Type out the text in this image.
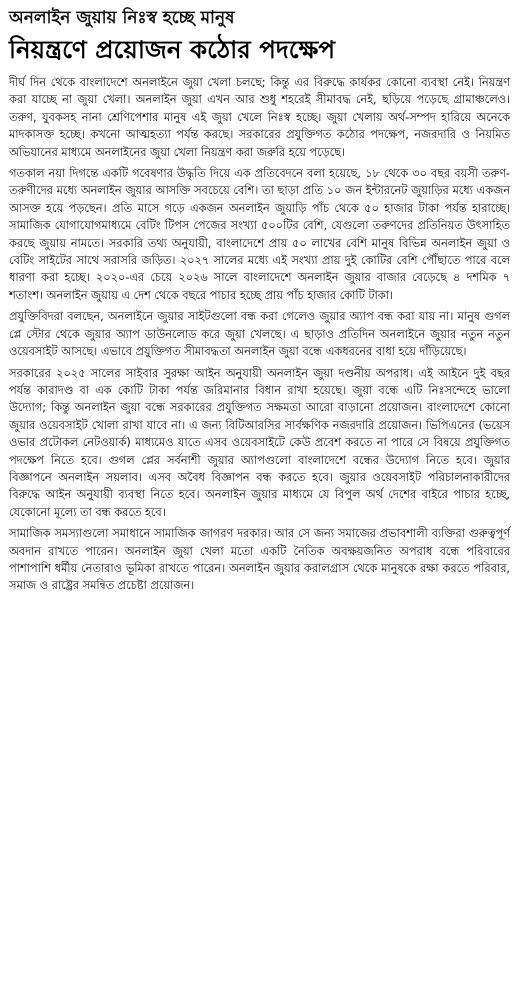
অনলাইন জুয়ায় নিঃস্ব হচ্ছে মানুষ
নিয়ন্ত্রণে প্রয়োজন কঠোর পদক্ষেপ

দীর্ঘ দিন থেকে বাংলাদেশে অনলাইনে জুয়া খেলা চলছে; কিন্তু এর বিরুদ্ধে কার্যকর কোনো ব্যবস্থা নেই। নিয়ন্ত্রণ করা যাচ্ছে না জুয়া খেলা। অনলাইন জুয়া এখন আর শুধু শহরেই সীমাবদ্ধ নেই, ছড়িয়ে পড়েছে গ্রামাঞ্চলেও। তরুণ, যুবকসহ নানা শ্রেণিপেশার মানুষ এই জুয়া খেলে নিঃস্ব হচ্ছে। জুয়া খেলায় অর্থ-সম্পদ হারিয়ে অনেকে মাদকাসক্ত হচ্ছে। কখনো আত্মহত্যা পর্যন্ত করছে। সরকারের প্রযুক্তিগত কঠোর পদক্ষেপ, নজরদারি ও নিয়মিত অভিযানের মাধ্যমে অনলাইনের জুয়া খেলা নিয়ন্ত্রণ করা জরুরি হয়ে পড়েছে।

গতকাল নয়া দিগন্তে একটি গবেষণার উদ্ধৃতি দিয়ে এক প্রতিবেদনে বলা হয়েছে, ১৮ থেকে ৩০ বছর বয়সী তরুণ-তরুণীদের মধ্যে অনলাইন জুয়ার আসক্তি সবচেয়ে বেশি। তা ছাড়া প্রতি ১০ জন ইন্টারনেট জুয়াড়ির মধ্যে একজন আসক্ত হয়ে পড়ছেন। প্রতি মাসে গড়ে একজন অনলাইন জুয়াড়ি পাঁচ থেকে ৫০ হাজার টাকা পর্যন্ত হারাচ্ছে। সামাজিক যোগাযোগমাধ্যমে বেটিং টিপস পেজের সংখ্যা ৫০০টির বেশি, যেগুলো তরুণদের প্রতিনিয়ত উৎসাহিত করছে জুয়ায় নামতে। সরকারি তথ্য অনুযায়ী, বাংলাদেশে প্রায় ৫০ লাখের বেশি মানুষ বিভিন্ন অনলাইন জুয়া ও বেটিং সাইটের সাথে সরাসরি জড়িত। ২০২৭ সালের মধ্যে এই সংখ্যা প্রায় দুই কোটির বেশি পৌঁছাতে পারে বলে ধারণা করা হচ্ছে। ২০২০-এর চেয়ে ২০২৬ সালে বাংলাদেশে অনলাইন জুয়ার বাজার বেড়েছে ৪ দশমিক ৭ শতাংশ। অনলাইন জুয়ায় এ দেশ থেকে বছরে পাচার হচ্ছে প্রায় পাঁচ হাজার কোটি টাকা।

প্রযুক্তিবিদরা বলছেন, অনলাইনে জুয়ার সাইটগুলো বন্ধ করা গেলেও জুয়ার অ্যাপ বন্ধ করা যায় না। মানুষ গুগল প্লে স্টোর থেকে জুয়ার অ্যাপ ডাউনলোড করে জুয়া খেলছে। এ ছাড়াও প্রতিদিন অনলাইনে জুয়ার নতুন নতুন ওয়েবসাইট আসছে। এভাবে প্রযুক্তিগত সীমাবদ্ধতা অনলাইন জুয়া বন্ধে একধরনের বাধা হয়ে দাঁড়িয়েছে।

সরকারের ২০২৫ সালের সাইবার সুরক্ষা আইন অনুযায়ী অনলাইন জুয়া দণ্ডনীয় অপরাধ। এই আইনে দুই বছর পর্যন্ত কারাদণ্ড বা এক কোটি টাকা পর্যন্ত জরিমানার বিধান রাখা হয়েছে। জুয়া বন্ধে এটি নিঃসন্দেহে ভালো উদ্যোগ; কিন্তু অনলাইন জুয়া বন্ধে সরকারের প্রযুক্তিগত সক্ষমতা আরো বাড়ানো প্রয়োজন। বাংলাদেশে কোনো জুয়ার ওয়েবসাইট খোলা রাখা যাবে না। এ জন্য বিটিআরসির সার্বক্ষণিক নজরদারি প্রয়োজন। ভিপিএনের (ভয়েস ওভার প্রটোকল নেটওয়ার্ক) মাধ্যমেও যাতে এসব ওয়েবসাইটে কেউ প্রবেশ করতে না পারে সে বিষয়ে প্রযুক্তিগত পদক্ষেপ নিতে হবে। গুগল প্লের সর্বনাশী জুয়ার অ্যাপগুলো বাংলাদেশে বন্ধের উদ্যোগ নিতে হবে। জুয়ার বিজ্ঞাপনে অনলাইন সয়লাব। এসব অবৈধ বিজ্ঞাপন বন্ধ করতে হবে। জুয়ার ওয়েবসাইট পরিচালনাকারীদের বিরুদ্ধে আইন অনুযায়ী ব্যবস্থা নিতে হবে। অনলাইন জুয়ার মাধ্যমে যে বিপুল অর্থ দেশের বাইরে পাচার হচ্ছে, যেকোনো মূল্যে তা বন্ধ করতে হবে।

সামাজিক সমস্যাগুলো সমাধানে সামাজিক জাগরণ দরকার। আর সে জন্য সমাজের প্রভাবশালী ব্যক্তিরা গুরুত্বপূর্ণ অবদান রাখতে পারেন। অনলাইন জুয়া খেলা মতো একটি নৈতিক অবক্ষয়জনিত অপরাধ বন্ধে পরিবারের পাশাপাশি ধর্মীয় নেতারাও ভূমিকা রাখতে পারেন। অনলাইন জুয়ার করালগ্রাস থেকে মানুষকে রক্ষা করতে পরিবার, সমাজ ও রাষ্ট্রের সমন্বিত প্রচেষ্টা প্রয়োজন।
